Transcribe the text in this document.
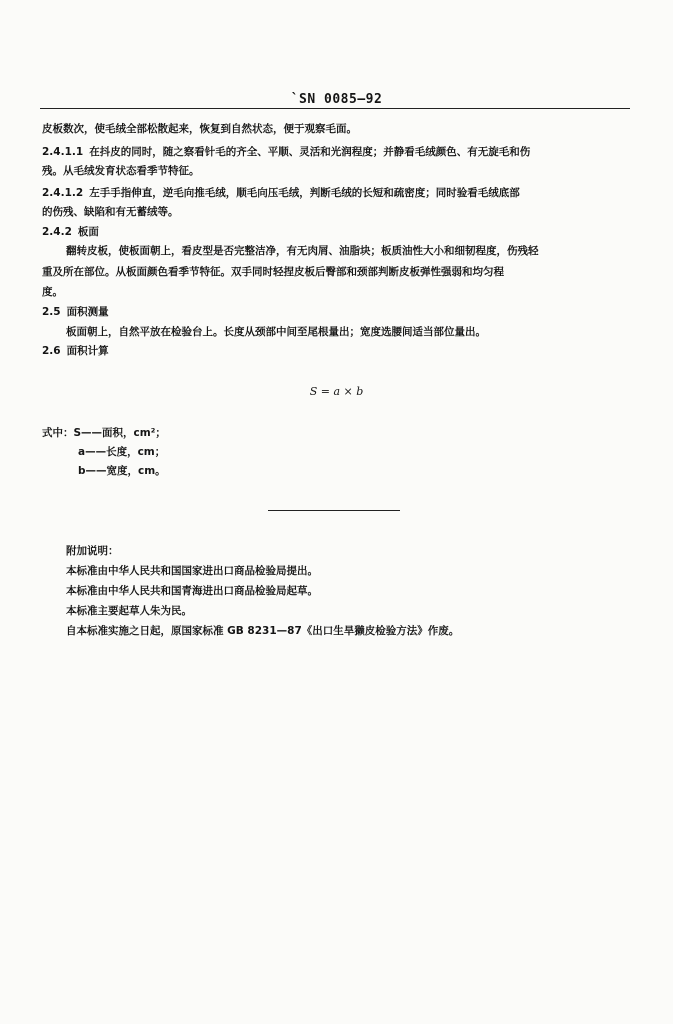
`SN 0085—92
皮板数次，使毛绒全部松散起来，恢复到自然状态，便于观察毛面。
2.4.1.1 在抖皮的同时，随之察看针毛的齐全、平顺、灵活和光润程度；并静看毛绒颜色、有无旋毛和伤
残。从毛绒发育状态看季节特征。
2.4.1.2 左手手指伸直，逆毛向推毛绒，顺毛向压毛绒，判断毛绒的长短和疏密度；同时验看毛绒底部
的伤残、缺陷和有无蓄绒等。
2.4.2 板面
翻转皮板，使板面朝上，看皮型是否完整洁净，有无肉屑、油脂块；板质油性大小和细韧程度，伤残轻
重及所在部位。从板面颜色看季节特征。双手同时轻捏皮板后臀部和颈部判断皮板弹性强弱和均匀程
度。
2.5 面积测量
板面朝上，自然平放在检验台上。长度从颈部中间至尾根量出；宽度选腰间适当部位量出。
2.6 面积计算
S = a × b
式中：S——面积，cm²；
a——长度，cm；
b——宽度，cm。
附加说明：
本标准由中华人民共和国国家进出口商品检验局提出。
本标准由中华人民共和国青海进出口商品检验局起草。
本标准主要起草人朱为民。
自本标准实施之日起，原国家标准 GB 8231—87《出口生旱獭皮检验方法》作废。
